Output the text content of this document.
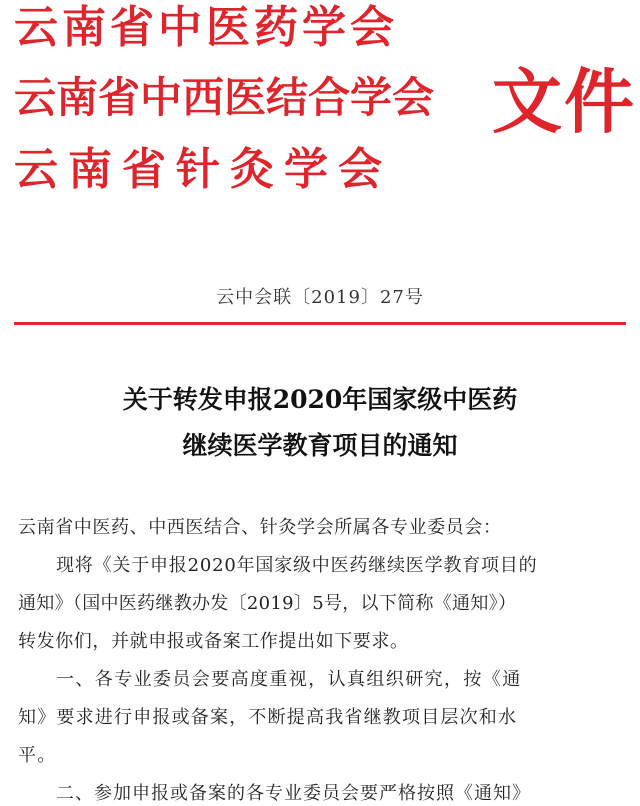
云南省中医药学会
云南省中西医结合学会
云南省针灸学会
文件
云中会联〔2019〕27号
关于转发申报2020年国家级中医药
继续医学教育项目的通知
云南省中医药、中西医结合、针灸学会所属各专业委员会：
现将《关于申报2020年国家级中医药继续医学教育项目的
通知》（国中医药继教办发〔2019〕5号，以下简称《通知》）
转发你们，并就申报或备案工作提出如下要求。
一、各专业委员会要高度重视，认真组织研究，按《通
知》要求进行申报或备案，不断提高我省继教项目层次和水
平。
二、参加申报或备案的各专业委员会要严格按照《通知》
